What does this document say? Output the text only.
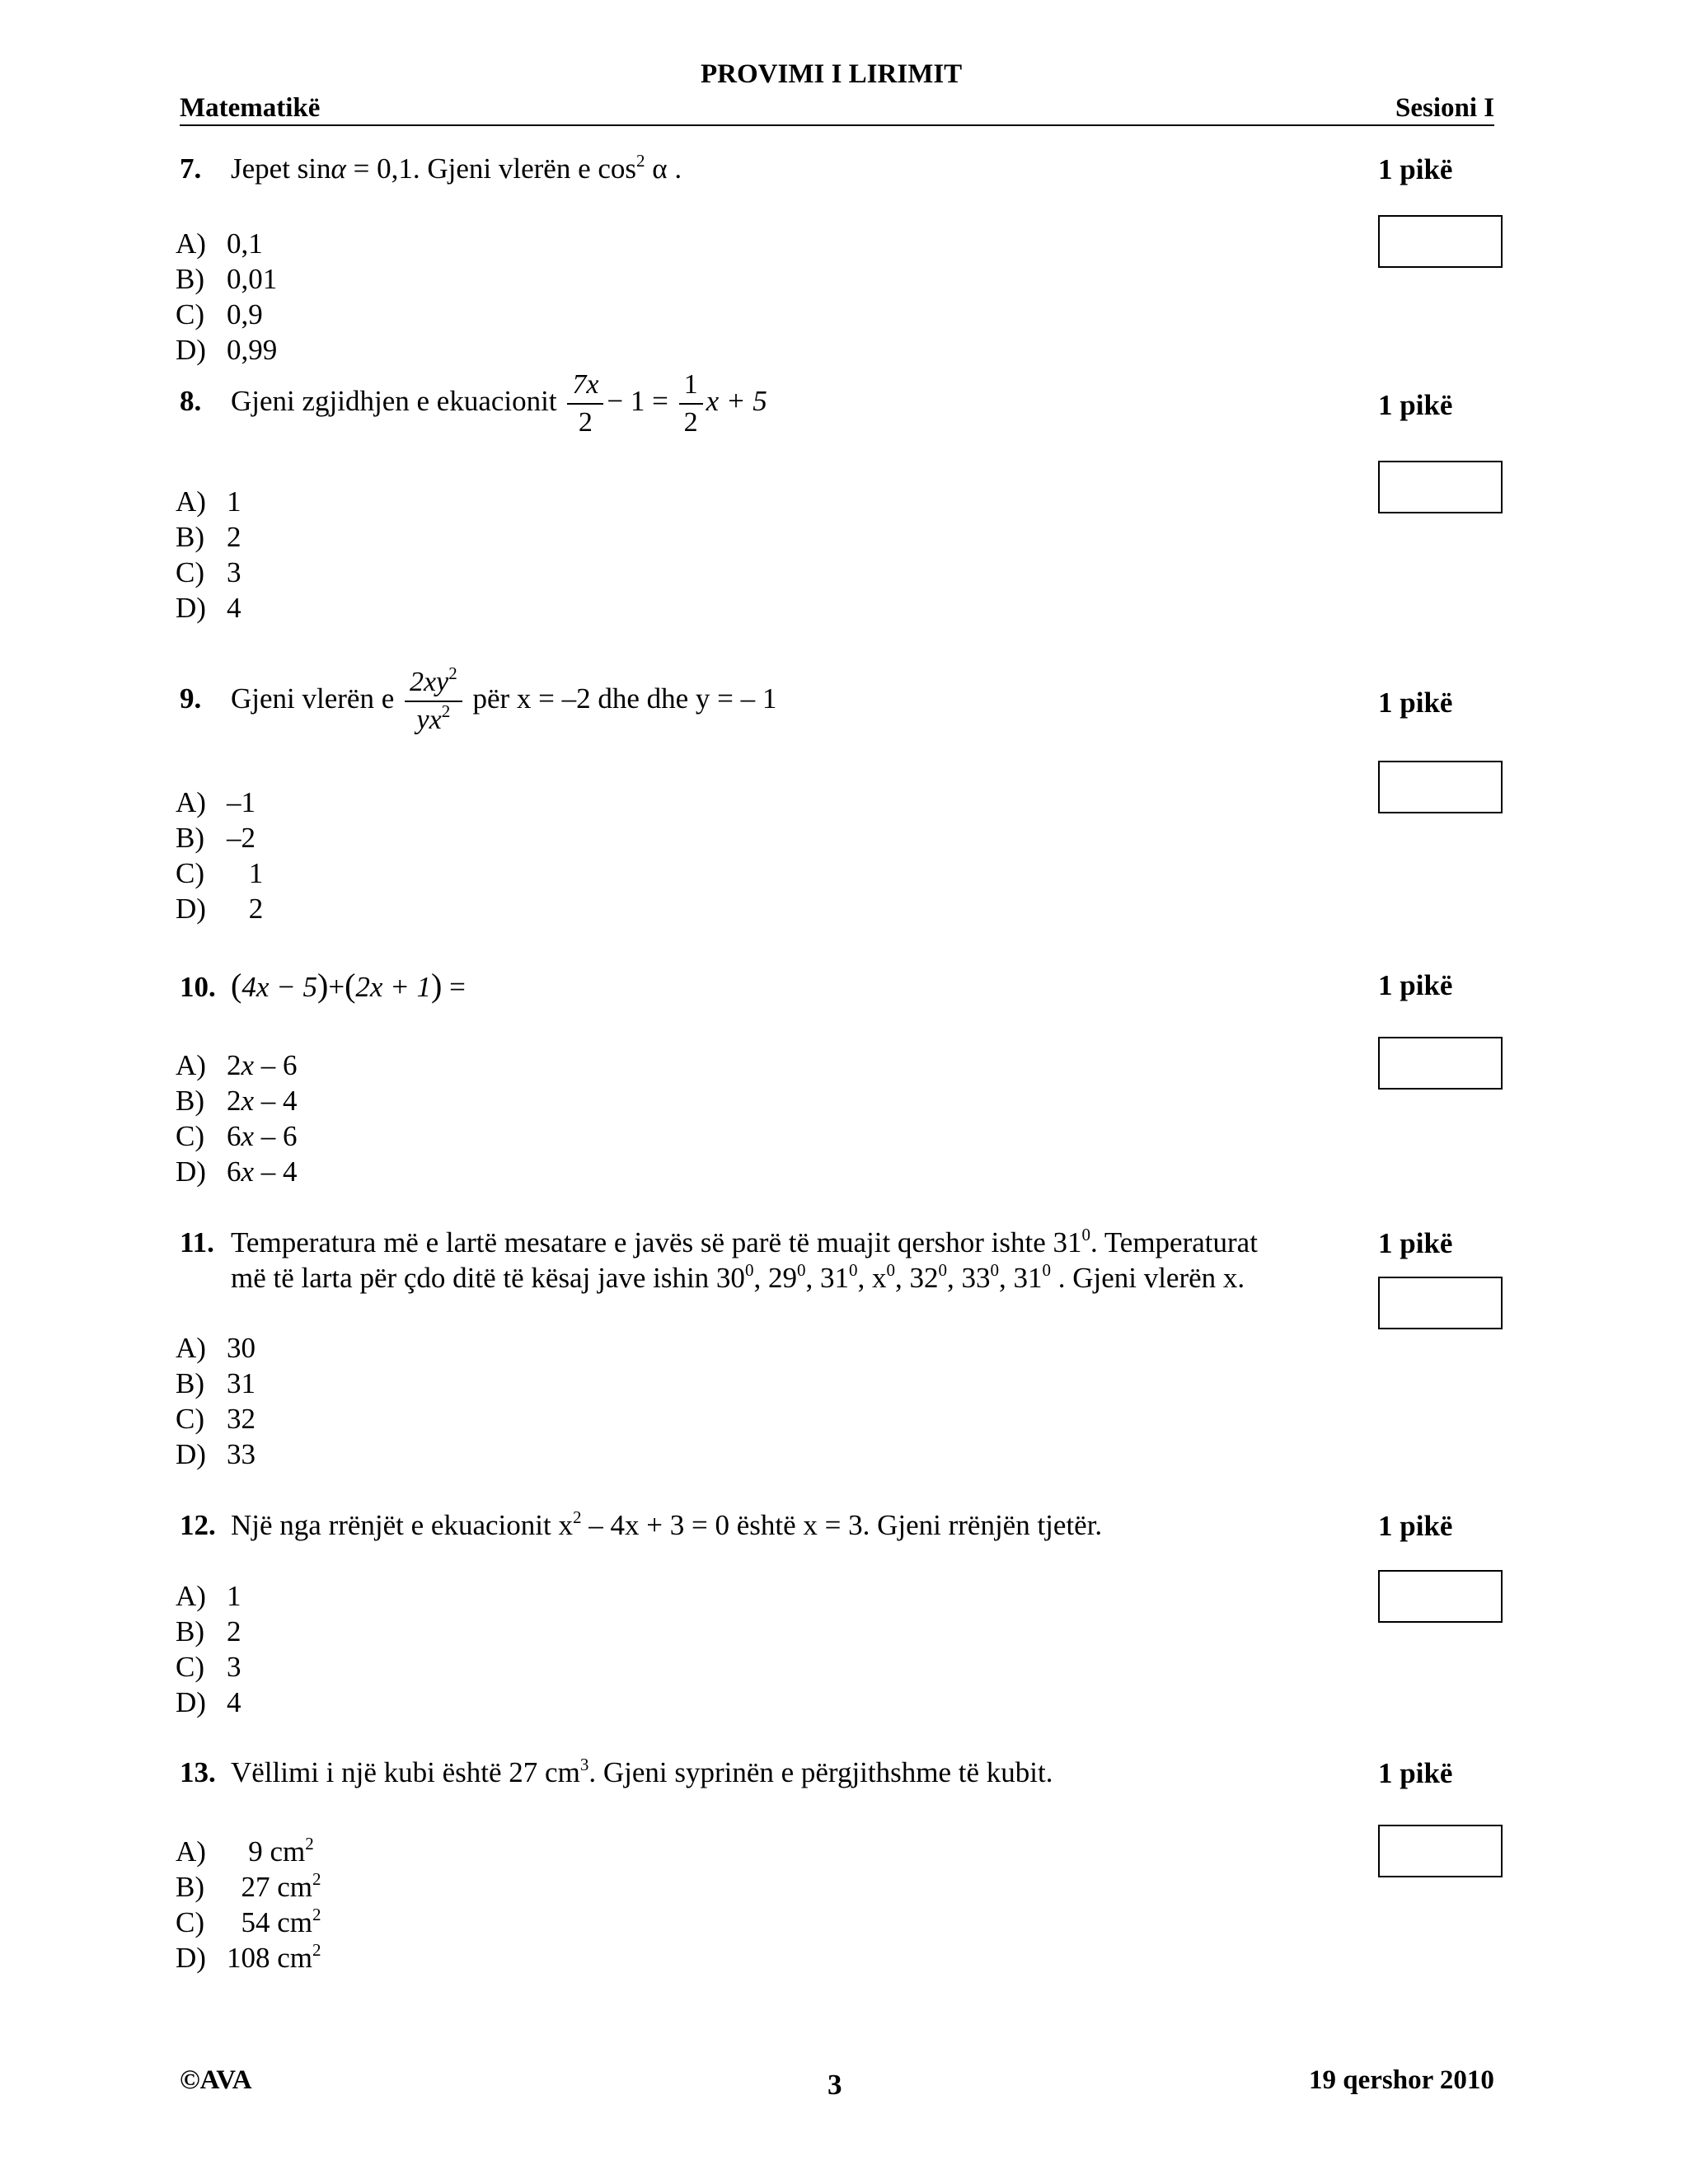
PROVIMI I LIRIMIT
Matematikë	Sesioni I
7. Jepet sinα = 0,1. Gjeni vlerën e $\cos^2 \alpha$ .	1 pikë
A) 0,1
B) 0,01
C) 0,9
D) 0,99
8. Gjeni zgjidhjen e ekuacionit $\frac{7x}{2} - 1 = \frac{1}{2}$ x + 5	1 pikë
A) 1
B) 2
C) 3
D) 4
9. Gjeni vlerën e $\frac{2xy^2}{yx^2}$ për x = –2 dhe dhe y = – 1	1 pikë
A) –1
B) –2
C) 1
D) 2
10. (4x − 5)+(2x + 1) =	1 pikë
A) 2x – 6
B) 2x – 4
C) 6x – 6
D) 6x – 4
11. Temperatura më e lartë mesatare e javës së parë të muajit qershor ishte $31^0$. Temperaturat
më të larta për çdo ditë të kësaj jave ishin $30^0$, $29^0$, $31^0$, $x^0$, $32^0$, $33^0$, $31^0$ . Gjeni vlerën x.
1 pikë
A) 30
B) 31
C) 32
D) 33
12. Një nga rrënjët e ekuacionit $x^2 - 4x + 3 = 0$ është x = 3. Gjeni rrënjën tjetër.	1 pikë
A) 1
B) 2
C) 3
D) 4
13. Vëllimi i një kubi është 27 $cm^3$. Gjeni syprinën e përgjithshme të kubit.	1 pikë
A)   9 $cm^2$
B)  27 $cm^2$
C)  54 $cm^2$
D) 108 $cm^2$
©AVA	3	19 qershor 2010
